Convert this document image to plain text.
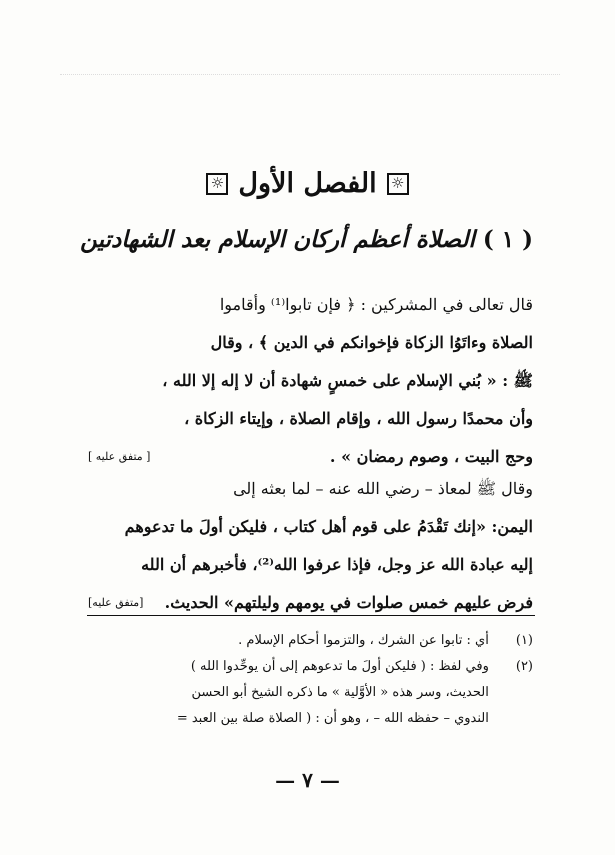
☼
الفصل الأول
☼
( ١ ) الصلاة أعظم أركان الإسلام بعد الشهادتين
قال تعالى في المشركين : ﴿ فإن تابوا⁽¹⁾ وأقاموا
الصلاة وءاتَوُا الزكاة فإخوانكم في الدين ﴾ ، وقال
ﷺ : « بُني الإسلام على خمسٍ شهادة أن لا إله إلا الله ،
وأن محمدًا رسول الله ، وإقام الصلاة ، وإيتاء الزكاة ،
وحج البيت ، وصوم رمضان » .
[ متفق عليه ]
وقال ﷺ لمعاذ – رضي الله عنه – لما بعثه إلى
اليمن: «إنك تَقْدَمُ على قوم أهل كتاب ، فليكن أولَ ما تدعوهم
إليه عبادة الله عز وجل، فإذا عرفوا الله⁽²⁾، فأخبرهم أن الله
فرض عليهم خمس صلوات في يومهم وليلتهم» الحديث.
[متفق عليه]
(١) أي : تابوا عن الشرك ، والتزموا أحكام الإسلام .
(٢) وفي لفظ : ( فليكن أولَ ما تدعوهم إلى أن يوحِّدوا الله )
الحديث، وسر هذه « الأوَّلية » ما ذكره الشيخ أبو الحسن
الندوي – حفظه الله – ، وهو أن : ( الصلاة صلة بين العبد =
— ٧ —
